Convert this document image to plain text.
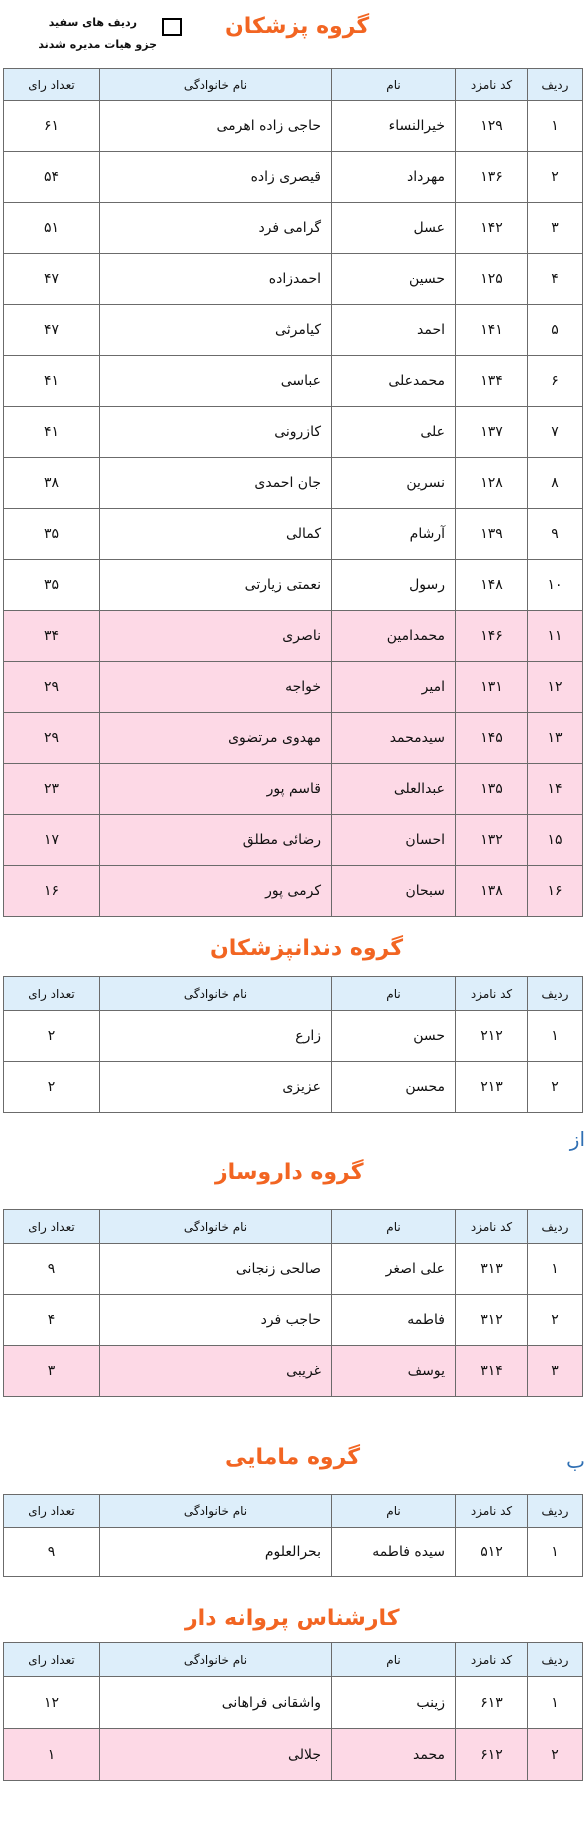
ردیف های سفید
جزو هیات مدیره شدند
از
ب
گروه پزشکان
ردیف	کد نامزد	نام	نام خانوادگی	تعداد رای
۱	۱۲۹	خیرالنساء	حاجی زاده اهرمی	۶۱
۲	۱۳۶	مهرداد	قیصری زاده	۵۴
۳	۱۴۲	عسل	گرامی فرد	۵۱
۴	۱۲۵	حسین	احمدزاده	۴۷
۵	۱۴۱	احمد	کیامرثی	۴۷
۶	۱۳۴	محمدعلی	عباسی	۴۱
۷	۱۳۷	علی	کازرونی	۴۱
۸	۱۲۸	نسرین	جان احمدی	۳۸
۹	۱۳۹	آرشام	کمالی	۳۵
۱۰	۱۴۸	رسول	نعمتی زیارتی	۳۵
۱۱	۱۴۶	محمدامین	ناصری	۳۴
۱۲	۱۳۱	امیر	خواجه	۲۹
۱۳	۱۴۵	سیدمحمد	مهدوی مرتضوی	۲۹
۱۴	۱۳۵	عبدالعلی	قاسم پور	۲۳
۱۵	۱۳۲	احسان	رضائی مطلق	۱۷
۱۶	۱۳۸	سبحان	کرمی پور	۱۶
گروه دندانپزشکان
ردیف	کد نامزد	نام	نام خانوادگی	تعداد رای
۱	۲۱۲	حسن	زارع	۲
۲	۲۱۳	محسن	عزیزی	۲
گروه داروساز
ردیف	کد نامزد	نام	نام خانوادگی	تعداد رای
۱	۳۱۳	علی اصغر	صالحی زنجانی	۹
۲	۳۱۲	فاطمه	حاجب فرد	۴
۳	۳۱۴	یوسف	غریبی	۳
گروه مامایی
ردیف	کد نامزد	نام	نام خانوادگی	تعداد رای
۱	۵۱۲	سیده فاطمه	بحرالعلوم	۹
کارشناس پروانه دار
ردیف	کد نامزد	نام	نام خانوادگی	تعداد رای
۱	۶۱۳	زینب	واشقانی فراهانی	۱۲
۲	۶۱۲	محمد	جلالی	۱
